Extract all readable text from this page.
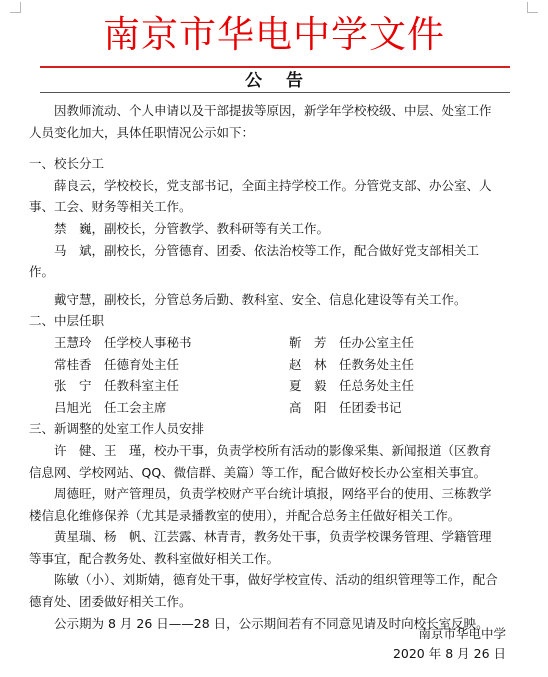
南京市华电中学文件
公告

因教师流动、个人申请以及干部提拔等原因，新学年学校校级、中层、处室工作人员变化加大，具体任职情况公示如下：

一、校长分工

薛良云，学校校长，党支部书记，全面主持学校工作。分管党支部、办公室、人事、工会、财务等相关工作。

禁　巍，副校长，分管教学、教科研等有关工作。

马　斌，副校长，分管德育、团委、依法治校等工作，配合做好党支部相关工作。

戴守慧，副校长，分管总务后勤、教科室、安全、信息化建设等有关工作。

二、中层任职

王慧玲　任学校人事秘书	靳　芳　任办公室主任
常桂香　任德育处主任	赵　林　任教务处主任
张　宁　任教科室主任	夏　毅　任总务处主任
吕旭光　任工会主席	高　阳　任团委书记

三、新调整的处室工作人员安排

许　健、王　瑾，校办干事，负责学校所有活动的影像采集、新闻报道（区教育信息网、学校网站、QQ、微信群、美篇）等工作，配合做好校长办公室相关事宜。

周德旺，财产管理员，负责学校财产平台统计填报，网络平台的使用、三栋教学楼信息化维修保养（尤其是录播教室的使用），并配合总务主任做好相关工作。

黄星瑞、杨　帆、江芸露、林青青，教务处干事，负责学校课务管理、学籍管理等事宜，配合教务处、教科室做好相关工作。

陈敏（小）、刘斯婧，德育处干事，做好学校宣传、活动的组织管理等工作，配合德育处、团委做好相关工作。

公示期为 8 月 26 日——28 日，公示期间若有不同意见请及时向校长室反映。

南京市华电中学
2020 年 8 月 26 日
